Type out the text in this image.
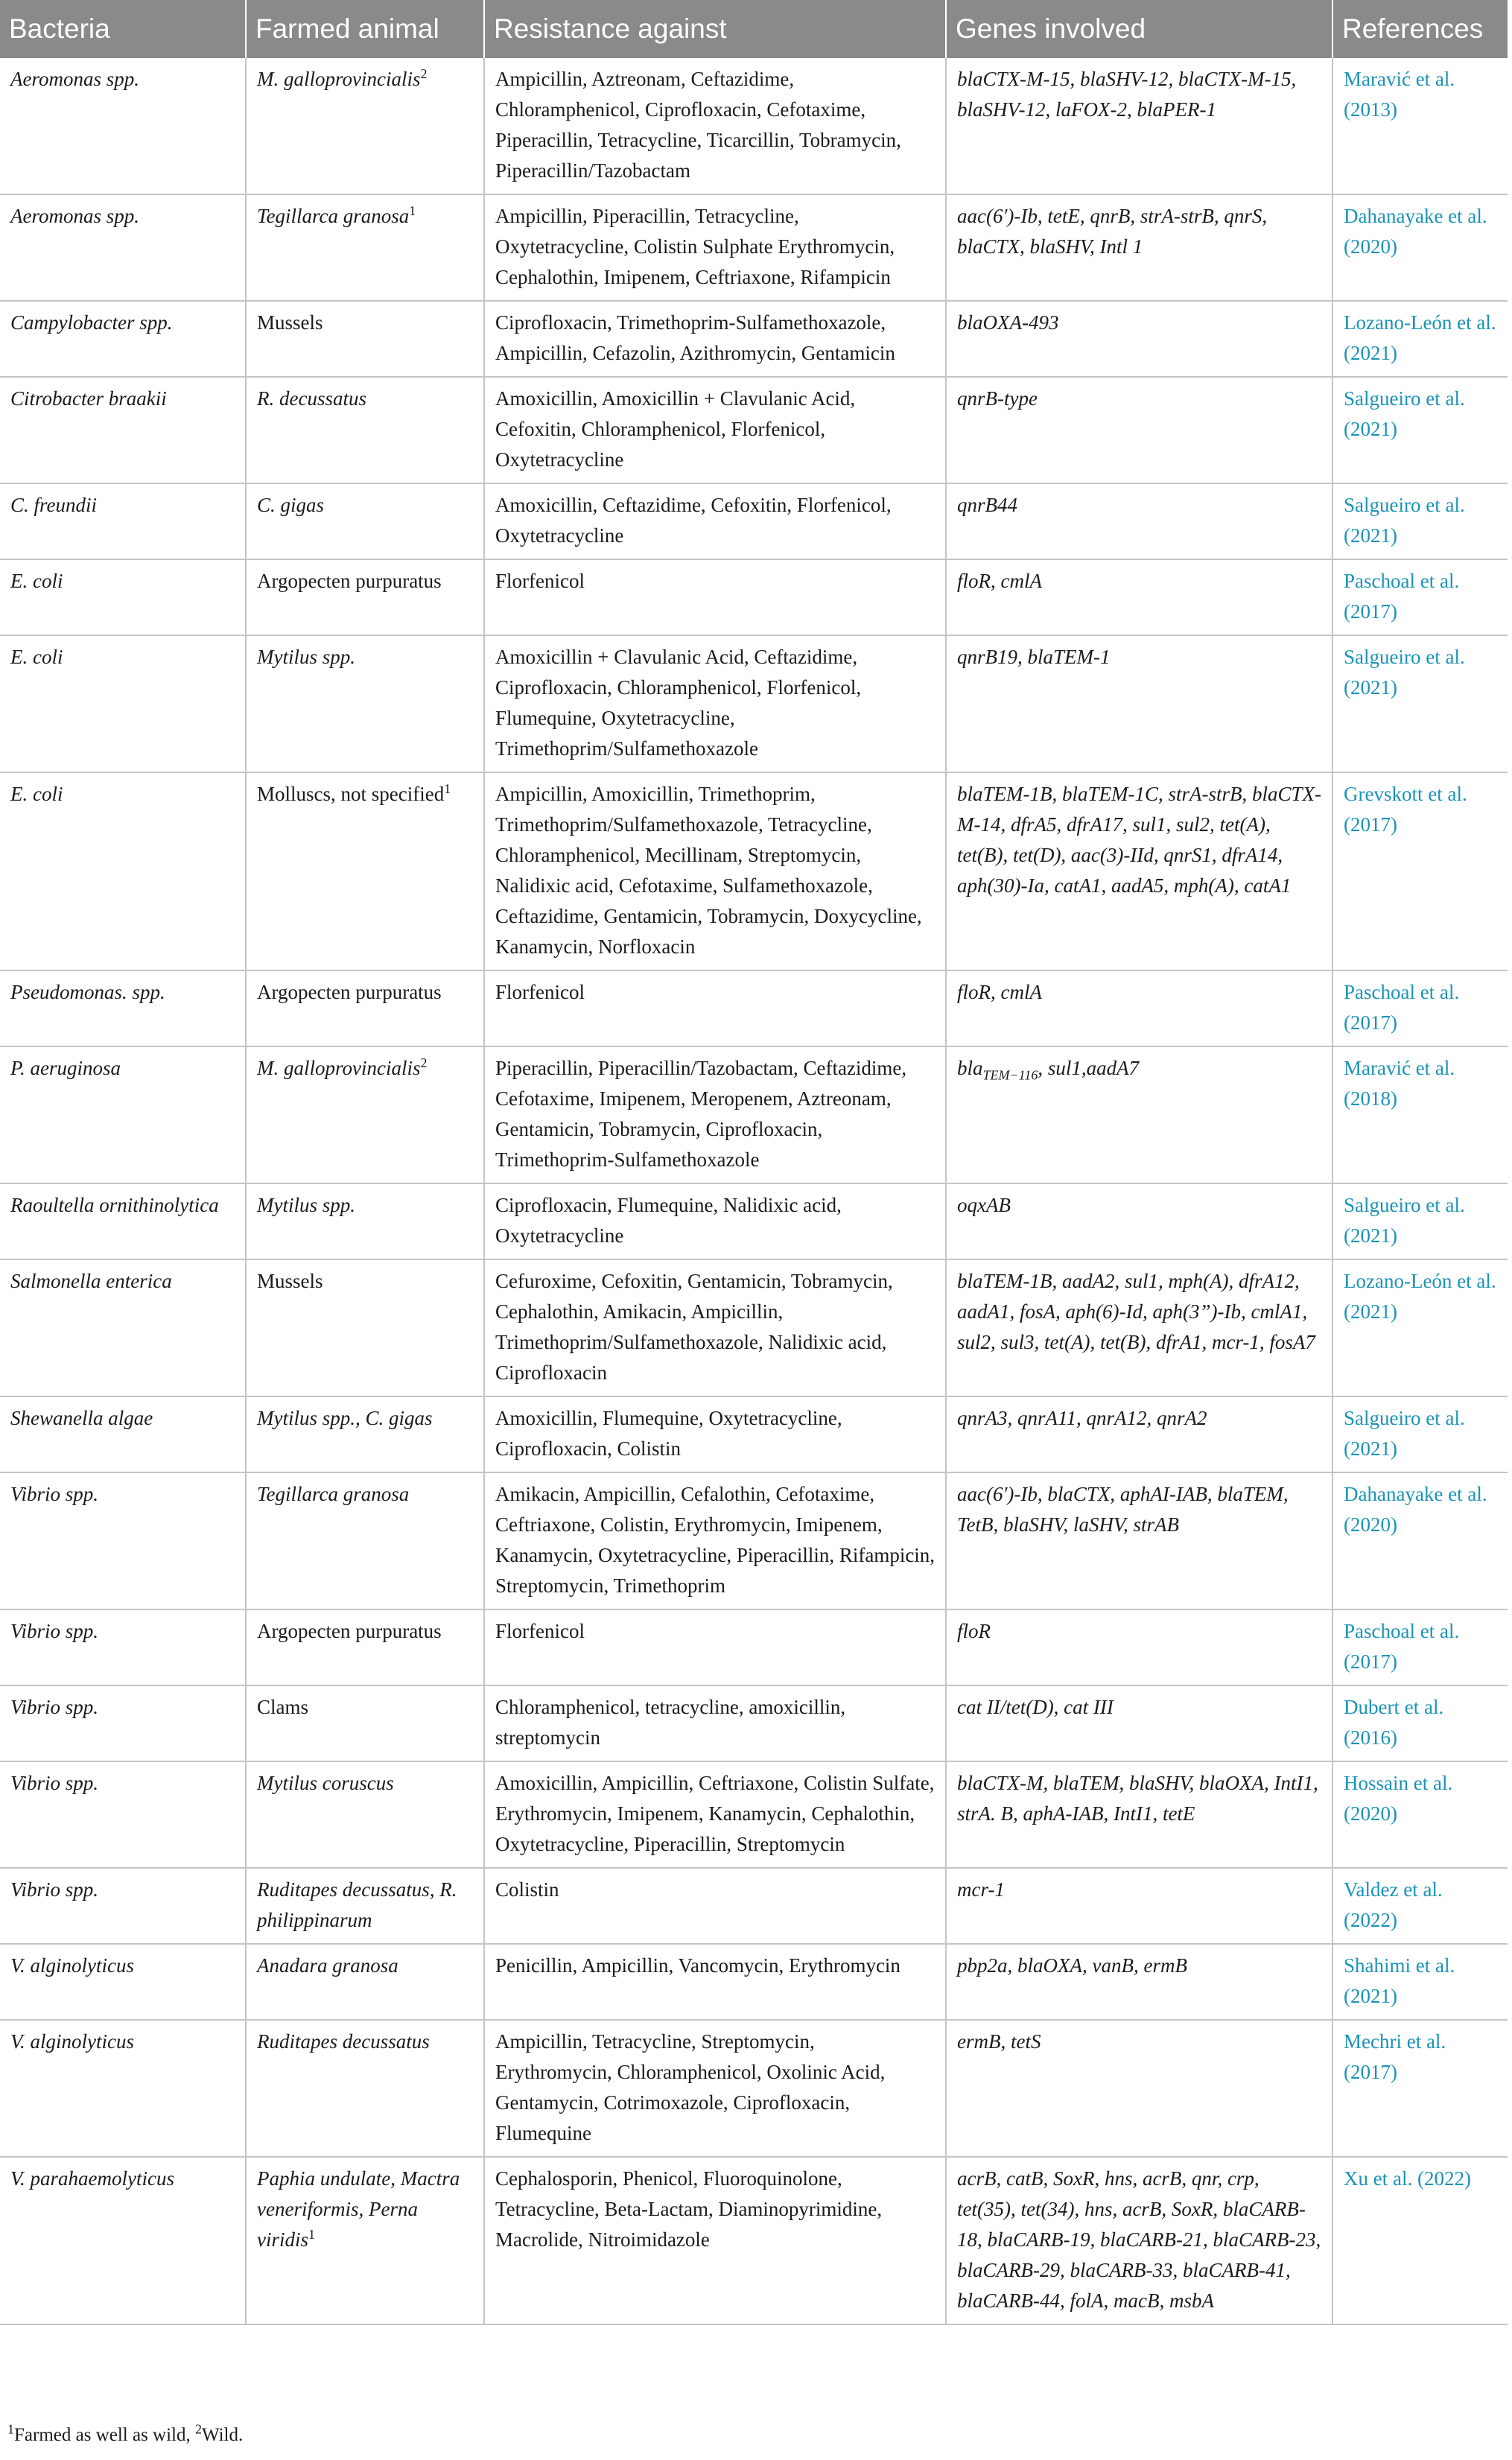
Bacteria	Farmed animal	Resistance against	Genes involved	References
Aeromonas spp.	M. galloprovincialis$^2$	Ampicillin, Aztreonam, Ceftazidime, Chloramphenicol, Ciprofloxacin, Cefotaxime, Piperacillin, Tetracycline, Ticarcillin, Tobramycin, Piperacillin/Tazobactam	blaCTX-M-15, blaSHV-12, blaCTX-M-15, blaSHV-12, laFOX-2, blaPER-1	Maravić et al. (2013)
Aeromonas spp.	Tegillarca granosa$^1$	Ampicillin, Piperacillin, Tetracycline, Oxytetracycline, Colistin Sulphate Erythromycin, Cephalothin, Imipenem, Ceftriaxone, Rifampicin	aac(6′)-Ib, tetE, qnrB, strA-strB, qnrS, blaCTX, blaSHV, Intl 1	Dahanayake et al. (2020)
Campylobacter spp.	Mussels	Ciprofloxacin, Trimethoprim-Sulfamethoxazole, Ampicillin, Cefazolin, Azithromycin, Gentamicin	blaOXA-493	Lozano-León et al. (2021)
Citrobacter braakii	R. decussatus	Amoxicillin, Amoxicillin + Clavulanic Acid, Cefoxitin, Chloramphenicol, Florfenicol, Oxytetracycline	qnrB-type	Salgueiro et al. (2021)
C. freundii	C. gigas	Amoxicillin, Ceftazidime, Cefoxitin, Florfenicol, Oxytetracycline	qnrB44	Salgueiro et al. (2021)
E. coli	Argopecten purpuratus	Florfenicol	floR, cmlA	Paschoal et al. (2017)
E. coli	Mytilus spp.	Amoxicillin + Clavulanic Acid, Ceftazidime, Ciprofloxacin, Chloramphenicol, Florfenicol, Flumequine, Oxytetracycline, Trimethoprim/Sulfamethoxazole	qnrB19, blaTEM-1	Salgueiro et al. (2021)
E. coli	Molluscs, not specified$^1$	Ampicillin, Amoxicillin, Trimethoprim, Trimethoprim/Sulfamethoxazole, Tetracycline, Chloramphenicol, Mecillinam, Streptomycin, Nalidixic acid, Cefotaxime, Sulfamethoxazole, Ceftazidime, Gentamicin, Tobramycin, Doxycycline, Kanamycin, Norfloxacin	blaTEM-1B, blaTEM-1C, strA-strB, blaCTX-M-14, dfrA5, dfrA17, sul1, sul2, tet(A), tet(B), tet(D), aac(3)-IId, qnrS1, dfrA14, aph(30)-Ia, catA1, aadA5, mph(A), catA1	Grevskott et al. (2017)
Pseudomonas. spp.	Argopecten purpuratus	Florfenicol	floR, cmlA	Paschoal et al. (2017)
P. aeruginosa	M. galloprovincialis$^2$	Piperacillin, Piperacillin/Tazobactam, Ceftazidime, Cefotaxime, Imipenem, Meropenem, Aztreonam, Gentamicin, Tobramycin, Ciprofloxacin, Trimethoprim-Sulfamethoxazole	bla$_{TEM-116}$, sul1,aadA7	Maravić et al. (2018)
Raoultella ornithinolytica	Mytilus spp.	Ciprofloxacin, Flumequine, Nalidixic acid, Oxytetracycline	oqxAB	Salgueiro et al. (2021)
Salmonella enterica	Mussels	Cefuroxime, Cefoxitin, Gentamicin, Tobramycin, Cephalothin, Amikacin, Ampicillin, Trimethoprim/Sulfamethoxazole, Nalidixic acid, Ciprofloxacin	blaTEM-1B, aadA2, sul1, mph(A), dfrA12, aadA1, fosA, aph(6)-Id, aph(3”)-Ib, cmlA1, sul2, sul3, tet(A), tet(B), dfrA1, mcr-1, fosA7	Lozano-León et al. (2021)
Shewanella algae	Mytilus spp., C. gigas	Amoxicillin, Flumequine, Oxytetracycline, Ciprofloxacin, Colistin	qnrA3, qnrA11, qnrA12, qnrA2	Salgueiro et al. (2021)
Vibrio spp.	Tegillarca granosa	Amikacin, Ampicillin, Cefalothin, Cefotaxime, Ceftriaxone, Colistin, Erythromycin, Imipenem, Kanamycin, Oxytetracycline, Piperacillin, Rifampicin, Streptomycin, Trimethoprim	aac(6′)-Ib, blaCTX, aphAI-IAB, blaTEM, TetB, blaSHV, laSHV, strAB	Dahanayake et al. (2020)
Vibrio spp.	Argopecten purpuratus	Florfenicol	floR	Paschoal et al. (2017)
Vibrio spp.	Clams	Chloramphenicol, tetracycline, amoxicillin, streptomycin	cat II/tet(D), cat III	Dubert et al. (2016)
Vibrio spp.	Mytilus coruscus	Amoxicillin, Ampicillin, Ceftriaxone, Colistin Sulfate, Erythromycin, Imipenem, Kanamycin, Cephalothin, Oxytetracycline, Piperacillin, Streptomycin	blaCTX-M, blaTEM, blaSHV, blaOXA, IntI1, strA. B, aphA-IAB, IntI1, tetE	Hossain et al. (2020)
Vibrio spp.	Ruditapes decussatus, R. philippinarum	Colistin	mcr-1	Valdez et al. (2022)
V. alginolyticus	Anadara granosa	Penicillin, Ampicillin, Vancomycin, Erythromycin	pbp2a, blaOXA, vanB, ermB	Shahimi et al. (2021)
V. alginolyticus	Ruditapes decussatus	Ampicillin, Tetracycline, Streptomycin, Erythromycin, Chloramphenicol, Oxolinic Acid, Gentamycin, Cotrimoxazole, Ciprofloxacin, Flumequine	ermB, tetS	Mechri et al. (2017)
V. parahaemolyticus	Paphia undulate, Mactra veneriformis, Perna viridis$^1$	Cephalosporin, Phenicol, Fluoroquinolone, Tetracycline, Beta-Lactam, Diaminopyrimidine, Macrolide, Nitroimidazole	acrB, catB, SoxR, hns, acrB, qnr, crp, tet(35), tet(34), hns, acrB, SoxR, blaCARB-18, blaCARB-19, blaCARB-21, blaCARB-23, blaCARB-29, blaCARB-33, blaCARB-41, blaCARB-44, folA, macB, msbA	Xu et al. (2022)
$^1$Farmed as well as wild, $^2$Wild.
